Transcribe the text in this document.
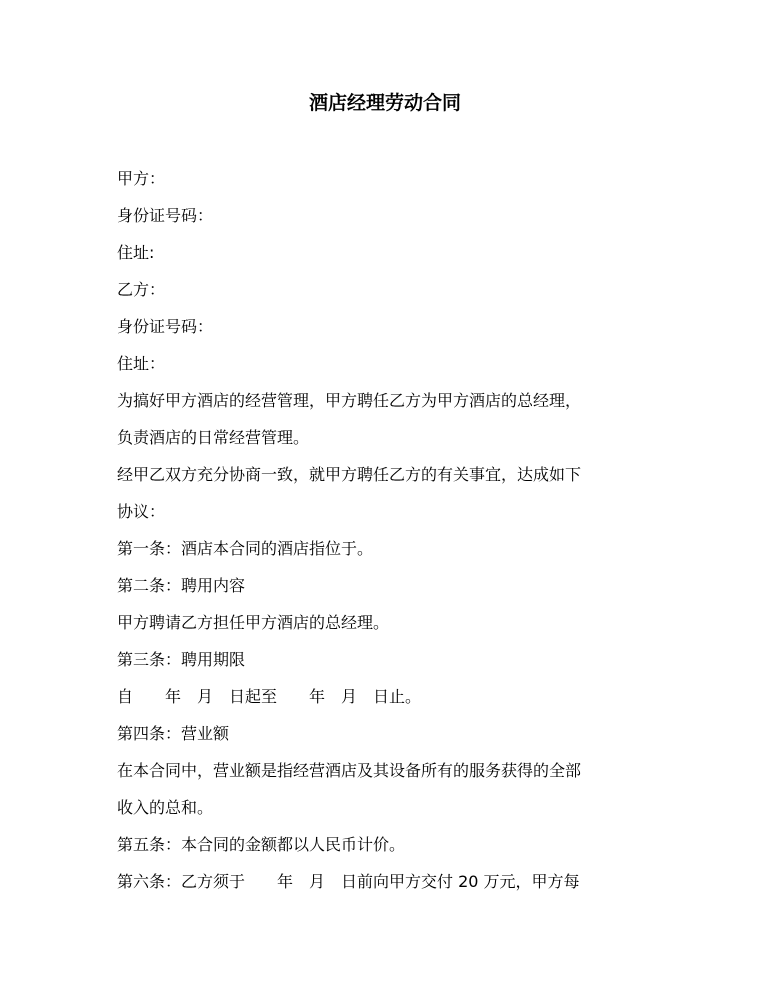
酒店经理劳动合同

甲方：

身份证号码：

住址:

乙方：

身份证号码：

住址：

为搞好甲方酒店的经营管理，甲方聘任乙方为甲方酒店的总经理，

负责酒店的日常经营管理。

经甲乙双方充分协商一致，就甲方聘任乙方的有关事宜，达成如下

协议：

第一条：酒店本合同的酒店指位于。

第二条：聘用内容

甲方聘请乙方担任甲方酒店的总经理。

第三条：聘用期限

自　　年　月　日起至　　年　月　日止。

第四条：营业额

在本合同中，营业额是指经营酒店及其设备所有的服务获得的全部

收入的总和。

第五条：本合同的金额都以人民币计价。

第六条：乙方须于　　年　月　日前向甲方交付 20 万元，甲方每
